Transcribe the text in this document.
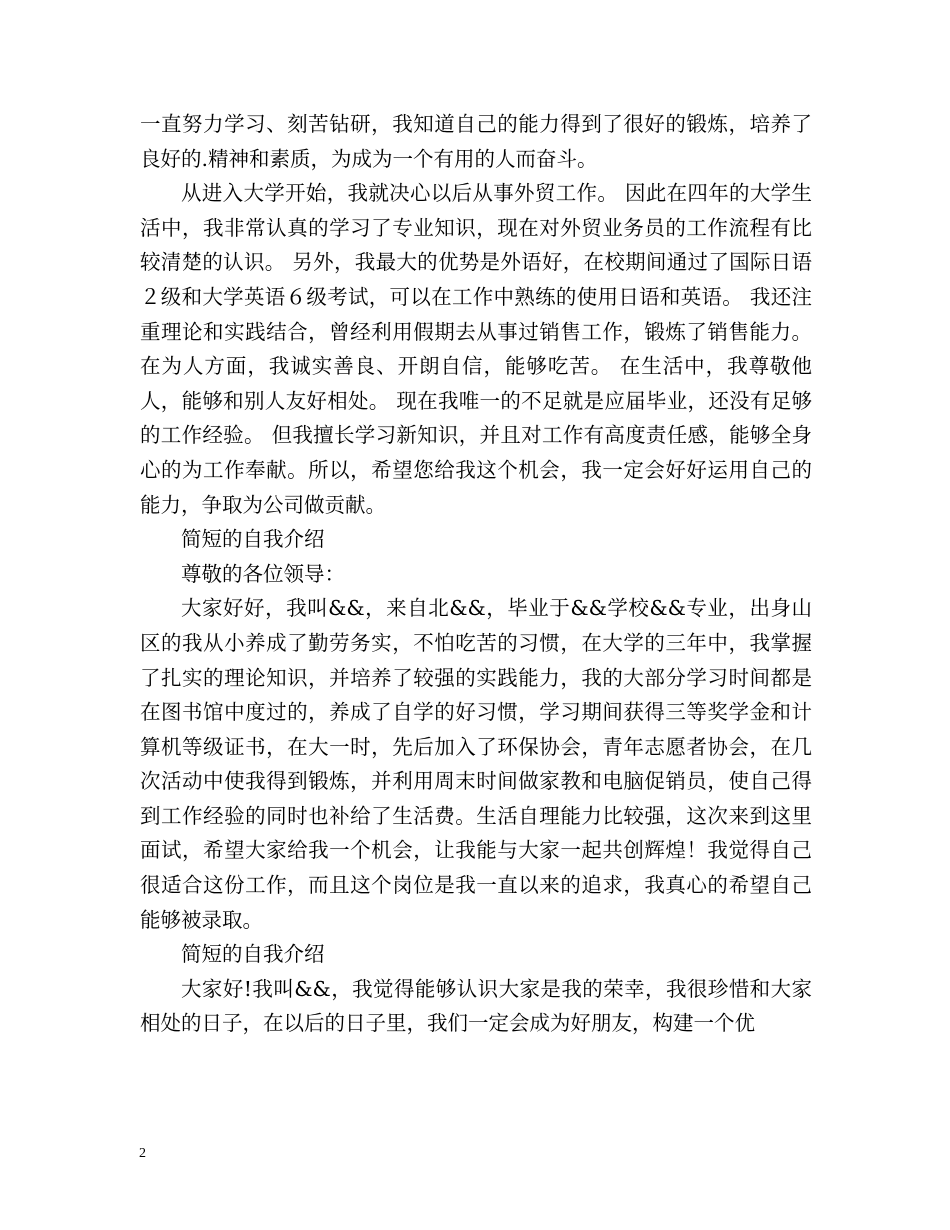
一直努力学习、刻苦钻研，我知道自己的能力得到了很好的锻炼，培养了良好的.精神和素质，为成为一个有用的人而奋斗。

从进入大学开始，我就决心以后从事外贸工作。 因此在四年的大学生活中，我非常认真的学习了专业知识，现在对外贸业务员的工作流程有比较清楚的认识。 另外，我最大的优势是外语好，在校期间通过了国际日语２级和大学英语６级考试，可以在工作中熟练的使用日语和英语。 我还注重理论和实践结合，曾经利用假期去从事过销售工作，锻炼了销售能力。 在为人方面，我诚实善良、开朗自信，能够吃苦。 在生活中，我尊敬他人，能够和别人友好相处。 现在我唯一的不足就是应届毕业，还没有足够的工作经验。 但我擅长学习新知识，并且对工作有高度责任感，能够全身心的为工作奉献。所以，希望您给我这个机会，我一定会好好运用自己的能力，争取为公司做贡献。

简短的自我介绍

尊敬的各位领导：

大家好好，我叫&&，来自北&&，毕业于&&学校&&专业，出身山区的我从小养成了勤劳务实，不怕吃苦的习惯，在大学的三年中，我掌握了扎实的理论知识，并培养了较强的实践能力，我的大部分学习时间都是在图书馆中度过的，养成了自学的好习惯，学习期间获得三等奖学金和计算机等级证书，在大一时，先后加入了环保协会，青年志愿者协会，在几次活动中使我得到锻炼，并利用周末时间做家教和电脑促销员，使自己得到工作经验的同时也补给了生活费。生活自理能力比较强，这次来到这里面试，希望大家给我一个机会，让我能与大家一起共创辉煌！我觉得自己很适合这份工作，而且这个岗位是我一直以来的追求，我真心的希望自己能够被录取。

简短的自我介绍

大家好!我叫&&，我觉得能够认识大家是我的荣幸，我很珍惜和大家相处的日子，在以后的日子里，我们一定会成为好朋友，构建一个优

2
